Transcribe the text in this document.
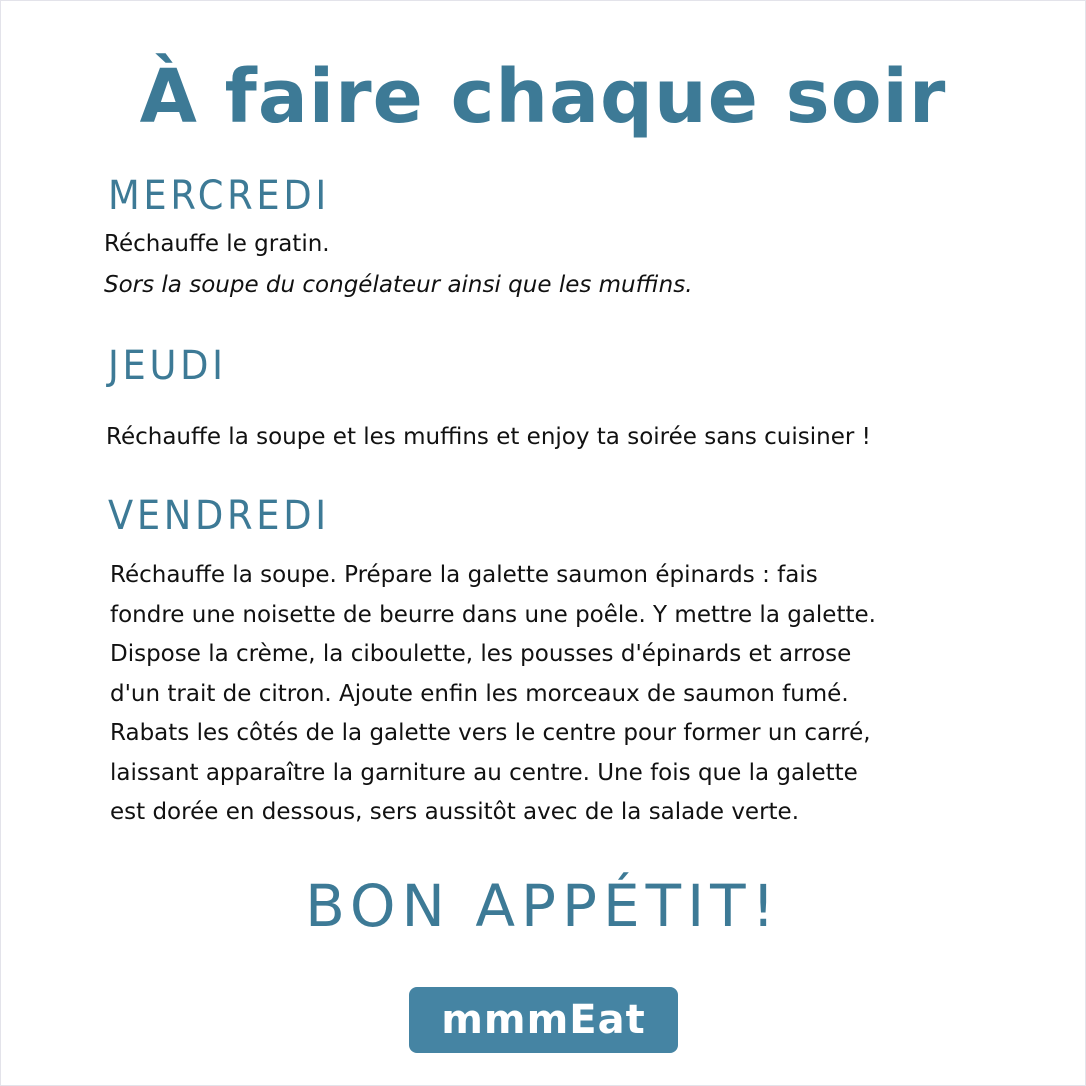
À faire chaque soir
MERCREDI
Réchauffe le gratin.
Sors la soupe du congélateur ainsi que les muffins.
JEUDI
Réchauffe la soupe et les muffins et enjoy ta soirée sans cuisiner !
VENDREDI
Réchauffe la soupe. Prépare la galette saumon épinards : fais
fondre une noisette de beurre dans une poêle. Y mettre la galette.
Dispose la crème, la ciboulette, les pousses d'épinards et arrose
d'un trait de citron. Ajoute enfin les morceaux de saumon fumé.
Rabats les côtés de la galette vers le centre pour former un carré,
laissant apparaître la garniture au centre. Une fois que la galette
est dorée en dessous, sers aussitôt avec de la salade verte.
BON APPÉTIT!
mmmEat
